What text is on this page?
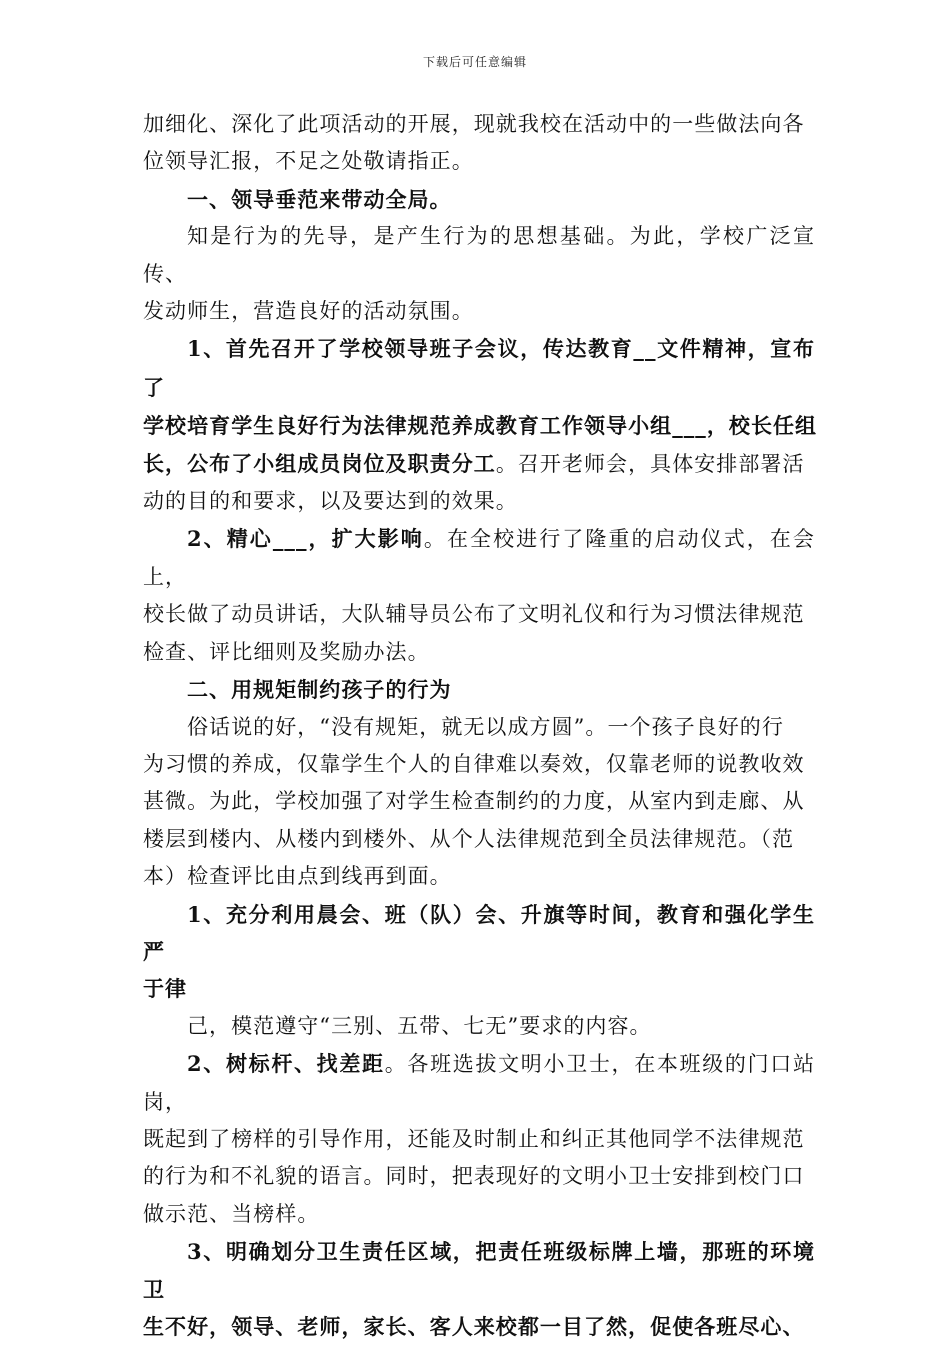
下载后可任意编辑

加细化、深化了此项活动的开展，现就我校在活动中的一些做法向各
位领导汇报，不足之处敬请指正。

一、领导垂范来带动全局。

知是行为的先导，是产生行为的思想基础。为此，学校广泛宣传、
发动师生，营造良好的活动氛围。

1、首先召开了学校领导班子会议，传达教育__文件精神，宣布了
学校培育学生良好行为法律规范养成教育工作领导小组___，校长任组
长，公布了小组成员岗位及职责分工。召开老师会，具体安排部署活
动的目的和要求，以及要达到的效果。

2、精心___，扩大影响。在全校进行了隆重的启动仪式，在会上，
校长做了动员讲话，大队辅导员公布了文明礼仪和行为习惯法律规范
检查、评比细则及奖励办法。

二、用规矩制约孩子的行为

俗话说的好，“没有规矩，就无以成方圆”。一个孩子良好的行
为习惯的养成，仅靠学生个人的自律难以奏效，仅靠老师的说教收效
甚微。为此，学校加强了对学生检查制约的力度，从室内到走廊、从
楼层到楼内、从楼内到楼外、从个人法律规范到全员法律规范。（范
本）检查评比由点到线再到面。

1、充分利用晨会、班（队）会、升旗等时间，教育和强化学生严
于律

己，模范遵守“三别、五带、七无”要求的内容。

2、树标杆、找差距。各班选拔文明小卫士，在本班级的门口站岗，
既起到了榜样的引导作用，还能及时制止和纠正其他同学不法律规范
的行为和不礼貌的语言。同时，把表现好的文明小卫士安排到校门口
做示范、当榜样。

3、明确划分卫生责任区域，把责任班级标牌上墙，那班的环境卫
生不好，领导、老师，家长、客人来校都一目了然，促使各班尽心、
